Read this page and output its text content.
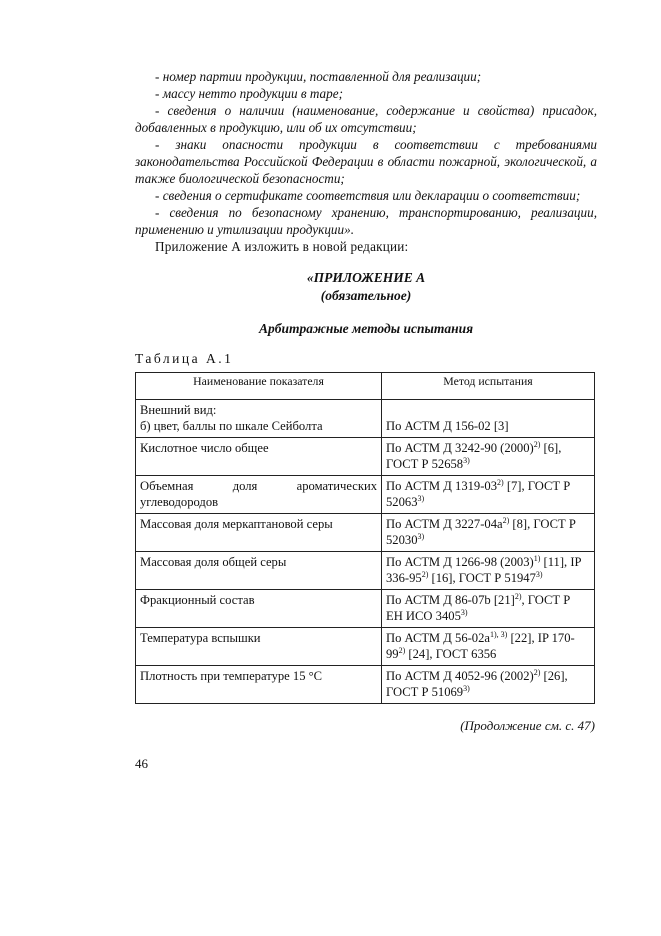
- номер партии продукции, поставленной для реализации;

- массу нетто продукции в таре;

- сведения о наличии (наименование, содержание и свойства) присадок, добавленных в продукцию, или об их отсутствии;

- знаки опасности продукции в соответствии с требованиями законодательства Российской Федерации в области пожарной, экологической, а также биологической безопасности;

- сведения о сертификате соответствия или декларации о соответствии;

- сведения по безопасному хранению, транспортированию, реализации, применению и утилизации продукции».

Приложение А изложить в новой редакции:

«ПРИЛОЖЕНИЕ А
(обязательное)
Арбитражные методы испытания
Таблица А.1
Наименование показателя	Метод испытания

Внешний вид:
б) цвет, баллы по шкале Сейболта	По АСТМ Д 156-02 [3]

Кислотное число общее	По АСТМ Д 3242-90 $(2000)^{2)}$ [6], ГОСТ Р 52658$^{3)}$

Объемная доля ароматических углеводородов	По АСТМ Д 1319-03$^{2)}$ [7], ГОСТ Р 52063$^{3)}$

Массовая доля меркаптановой серы	По АСТМ Д $3227-04а^{2)}$ [8], ГОСТ Р 52030$^{3)}$

Массовая доля общей серы	По АСТМ Д 1266-98 $(2003)^{1)}$ [11], IP 336-95$^{2)}$ [16], ГОСТ Р 51947$^{3)}$

Фракционный состав	По АСТМ Д 86-07b $[21]^{2)}$, ГОСТ Р ЕН ИСО 3405$^{3)}$

Температура вспышки	По АСТМ Д $56-02а^{1), 3)}$ [22], IP 170-99$^{2)}$ [24], ГОСТ 6356

Плотность при температуре 15 °С	По АСТМ Д 4052-96 $(2002)^{2)}$ [26], ГОСТ Р 51069$^{3)}$
(Продолжение см. с. 47)
46
